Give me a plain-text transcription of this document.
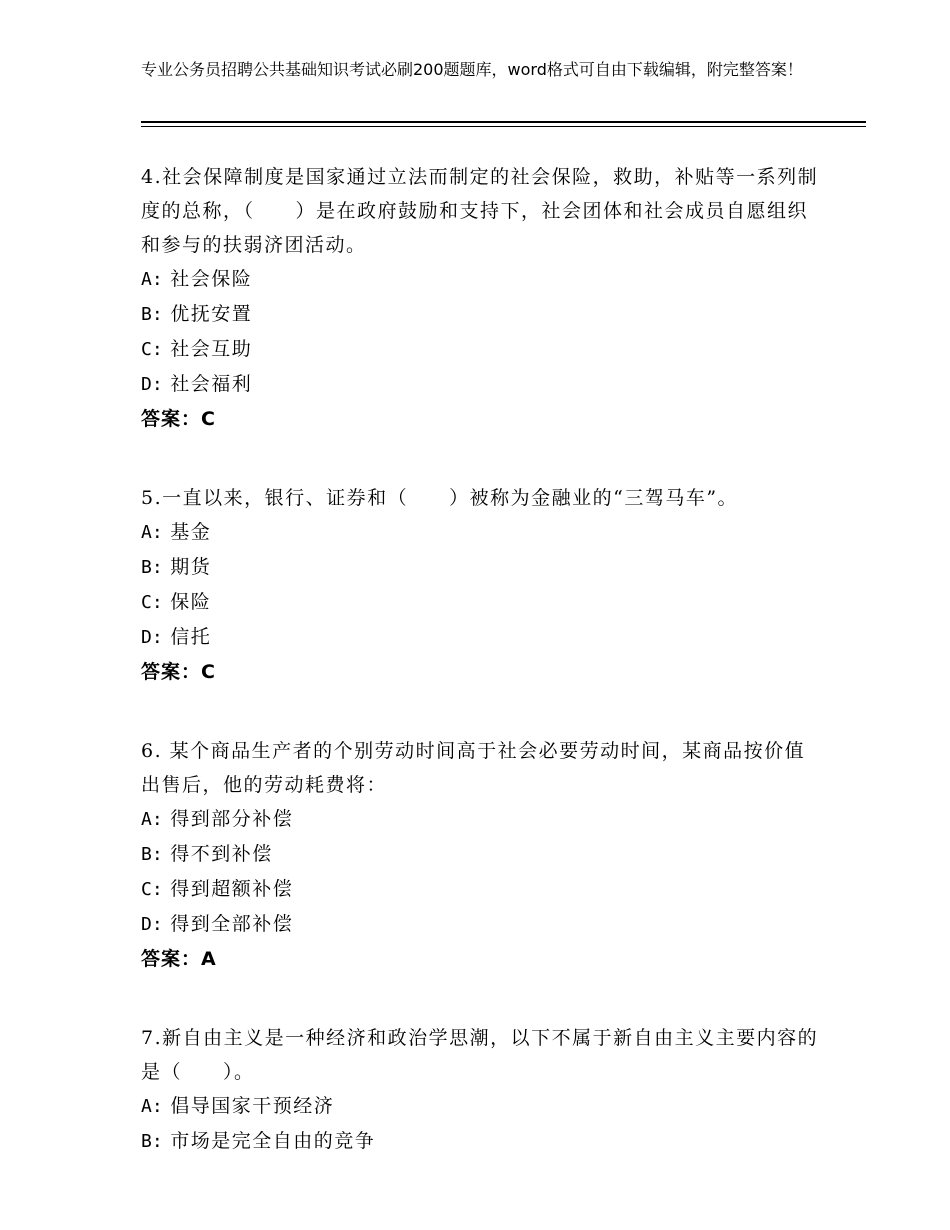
专业公务员招聘公共基础知识考试必刷200题题库，word格式可自由下载编辑，附完整答案！
4.社会保障制度是国家通过立法而制定的社会保险，救助，补贴等一系列制度的总称，（　　）是在政府鼓励和支持下，社会团体和社会成员自愿组织和参与的扶弱济团活动。
A: 社会保险
B: 优抚安置
C: 社会互助
D: 社会福利
答案：C
5.一直以来，银行、证券和（　　）被称为金融业的“三驾马车”。
A: 基金
B: 期货
C: 保险
D: 信托
答案：C
6. 某个商品生产者的个别劳动时间高于社会必要劳动时间，某商品按价值出售后，他的劳动耗费将：
A: 得到部分补偿
B: 得不到补偿
C: 得到超额补偿
D: 得到全部补偿
答案：A
7.新自由主义是一种经济和政治学思潮，以下不属于新自由主义主要内容的是（　　）。
A: 倡导国家干预经济
B: 市场是完全自由的竞争
